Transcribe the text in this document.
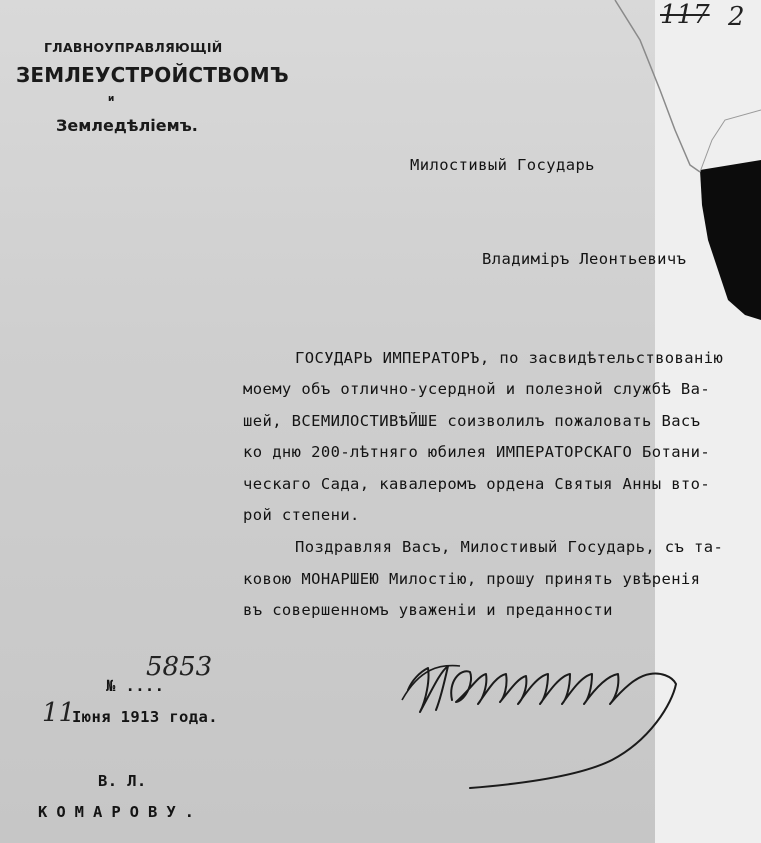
117 2
ГЛАВНОУПРАВЛЯЮЩІЙ
ЗЕМЛЕУСТРОЙСТВОМЪ
и
Земледѣліемъ.
Милостивый Государь
Владиміръ Леонтьевичъ
ГОСУДАРЬ ИМПЕРАТОРЪ, по засвидѣтельствованію
моему объ отлично-усердной и полезной службѣ Ва-
шей, ВСЕМИЛОСТИВѢЙШЕ соизволилъ пожаловать Васъ
ко дню 200-лѣтняго юбилея ИМПЕРАТОРСКАГО Ботани-
ческаго Сада, кавалеромъ ордена Святыя Анны вто-
рой степени.
Поздравляя Васъ, Милостивый Государь, съ та-
ковою МОНАРШЕЮ Милостію, прошу принять увѣренія
въ совершенномъ уваженіи и преданности
№ ....
5853
11
Іюня 1913 года.
В. Л.
КОМАРОВУ.
